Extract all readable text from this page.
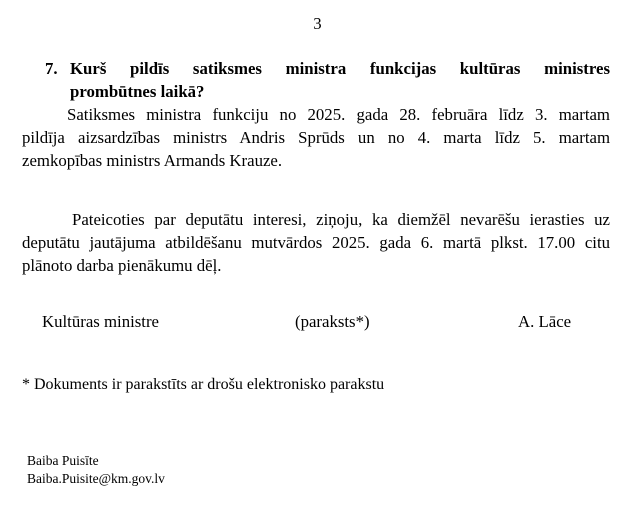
3
7. Kurš pildīs satiksmes ministra funkcijas kultūras ministres
prombūtnes laikā?
Satiksmes ministra funkciju no 2025. gada 28. februāra līdz 3. martam
pildīja aizsardzības ministrs Andris Sprūds un no 4. marta līdz 5. martam
zemkopības ministrs Armands Krauze.
Pateicoties par deputātu interesi, ziņoju, ka diemžēl nevarēšu ierasties uz
deputātu jautājuma atbildēšanu mutvārdos 2025. gada 6. martā plkst. 17.00 citu
plānoto darba pienākumu dēļ.
Kultūras ministre	(paraksts*)	A. Lāce
* Dokuments ir parakstīts ar drošu elektronisko parakstu
Baiba Puisīte
Baiba.Puisite@km.gov.lv
